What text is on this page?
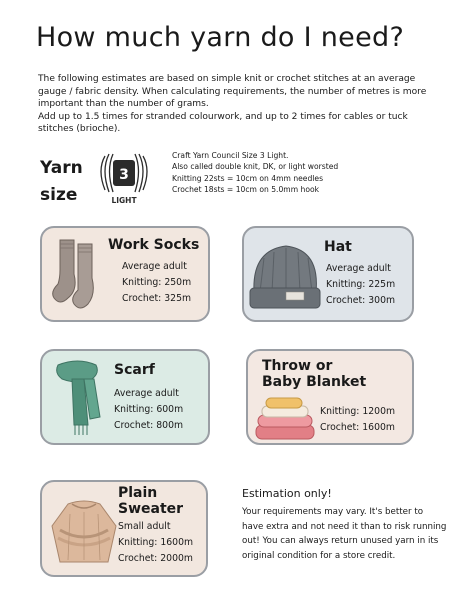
How much yarn do I need?

The following estimates are based on simple knit or crochet stitches at an average gauge / fabric density. When calculating requirements, the number of metres is more important than the number of grams.

Add up to 1.5 times for stranded colourwork, and up to 2 times for cables or tuck stitches (brioche).

Yarn
size
3
LIGHT
Craft Yarn Council Size 3 Light.
Also called double knit, DK, or light worsted
Knitting 22sts = 10cm on 4mm needles
Crochet 18sts = 10cm on 5.0mm hook
Work Socks
Average adult
Knitting: 250m
Crochet: 325m
Hat
Average adult
Knitting: 225m
Crochet: 300m
Scarf
Average adult
Knitting: 600m
Crochet: 800m
Throw or
Baby Blanket
Knitting: 1200m
Crochet: 1600m
Plain
Sweater
Small adult
Knitting: 1600m
Crochet: 2000m
Estimation only!
Your requirements may vary. It's better to have extra and not need it than to risk running out! You can always return unused yarn in its original condition for a store credit.
